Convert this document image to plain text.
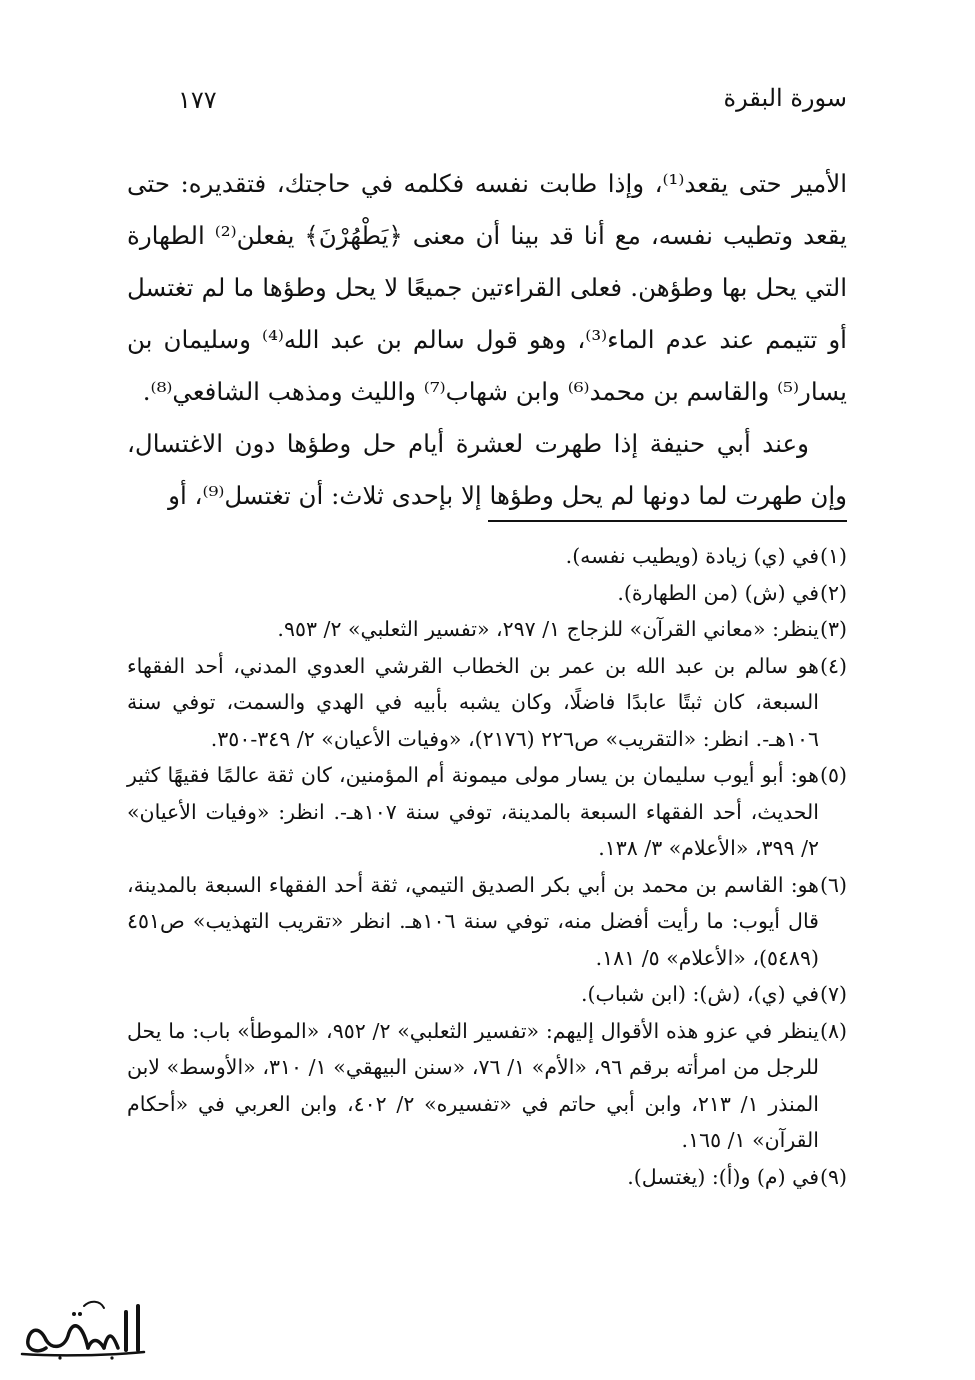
سورة البقرة
١٧٧

الأمير حتى يقعد⁽¹⁾، وإذا طابت نفسه فكلمه في حاجتك، فتقديره: حتى يقعد وتطيب نفسه، مع أنا قد بينا أن معنى ﴿يَطْهُرْنَ﴾ يفعلن⁽²⁾ الطهارة التي يحل بها وطؤهن. فعلى القراءتين جميعًا لا يحل وطؤها ما لم تغتسل أو تتيمم عند عدم الماء⁽³⁾، وهو قول سالم بن عبد الله⁽⁴⁾ وسليمان بن يسار⁽⁵⁾ والقاسم بن محمد⁽⁶⁾ وابن شهاب⁽⁷⁾ والليث ومذهب الشافعي⁽⁸⁾.

وعند أبي حنيفة إذا طهرت لعشرة أيام حل وطؤها دون الاغتسال، وإن طهرت لما دونها لم يحل وطؤها إلا بإحدى ثلاث: أن تغتسل⁽⁹⁾، أو

(١)
في (ي) زيادة (ويطيب نفسه).
(٢)
في (ش) (من الطهارة).
(٣)
ينظر: «معاني القرآن» للزجاج ١/ ٢٩٧، «تفسير الثعلبي» ٢/ ٩٥٣.
(٤)
هو سالم بن عبد الله بن عمر بن الخطاب القرشي العدوي المدني، أحد الفقهاء السبعة، كان ثبتًا عابدًا فاضلًا، وكان يشبه بأبيه في الهدي والسمت، توفي سنة ١٠٦هـ-. انظر: «التقريب» ص٢٢٦ (٢١٧٦)، «وفيات الأعيان» ٢/ ٣٤٩-٣٥٠.
(٥)
هو: أبو أيوب سليمان بن يسار مولى ميمونة أم المؤمنين، كان ثقة عالمًا فقيهًا كثير الحديث، أحد الفقهاء السبعة بالمدينة، توفي سنة ١٠٧هـ-. انظر: «وفيات الأعيان» ٢/ ٣٩٩، «الأعلام» ٣/ ١٣٨.
(٦)
هو: القاسم بن محمد بن أبي بكر الصديق التيمي، ثقة أحد الفقهاء السبعة بالمدينة، قال أيوب: ما رأيت أفضل منه، توفي سنة ١٠٦هـ. انظر «تقريب التهذيب» ص٤٥١ (٥٤٨٩)، «الأعلام» ٥/ ١٨١.
(٧)
في (ي)، (ش): (ابن شباب).
(٨)
ينظر في عزو هذه الأقوال إليهم: «تفسير الثعلبي» ٢/ ٩٥٢، «الموطأ» باب: ما يحل للرجل من امرأته برقم ٩٦، «الأم» ١/ ٧٦، «سنن البيهقي» ١/ ٣١٠، «الأوسط» لابن المنذر ١/ ٢١٣، وابن أبي حاتم في «تفسيره» ٢/ ٤٠٢، وابن العربي في «أحكام القرآن» ١/ ١٦٥.
(٩)
في (م) و(أ): (يغتسل).
